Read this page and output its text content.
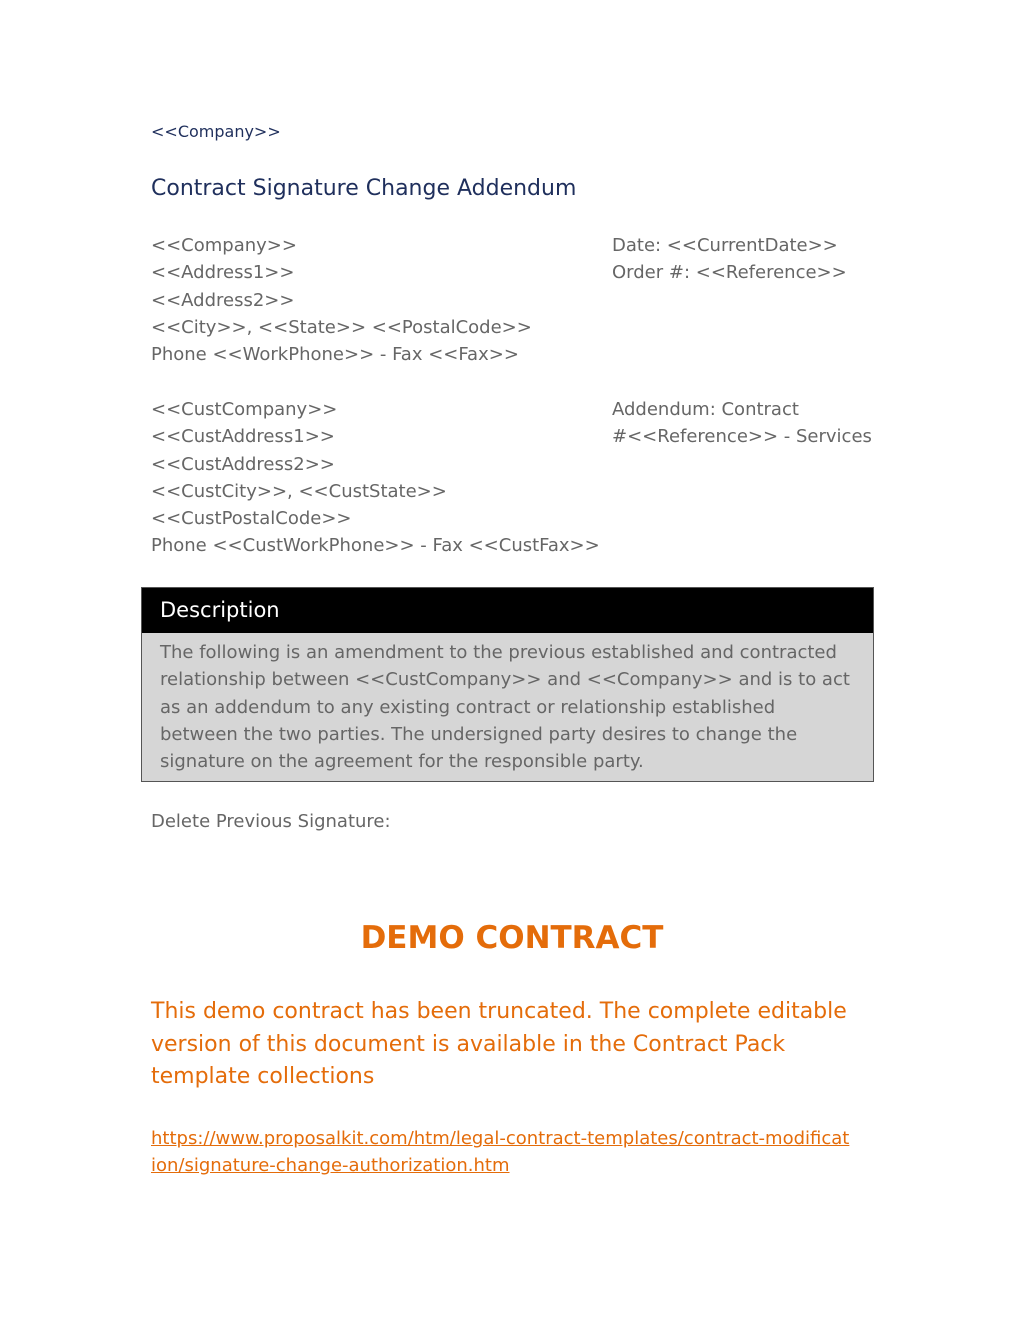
<<Company>>
Contract Signature Change Addendum
<<Company>>
<<Address1>>
<<Address2>>
<<City>>, <<State>> <<PostalCode>>
Phone <<WorkPhone>> - Fax <<Fax>>
Date: <<CurrentDate>>
Order #: <<Reference>>
<<CustCompany>>
<<CustAddress1>>
<<CustAddress2>>
<<CustCity>>, <<CustState>>
<<CustPostalCode>>
Phone <<CustWorkPhone>> - Fax <<CustFax>>
Addendum: Contract
#<<Reference>> - Services
Description
The following is an amendment to the previous established and contracted relationship between <<CustCompany>> and <<Company>> and is to act as an addendum to any existing contract or relationship established between the two parties. The undersigned party desires to change the signature on the agreement for the responsible party.
Delete Previous Signature:
DEMO CONTRACT
This demo contract has been truncated. The complete editable version of this document is available in the Contract Pack template collections
https://www.proposalkit.com/htm/legal-contract-templates/contract-modification/signature-change-authorization.htm
